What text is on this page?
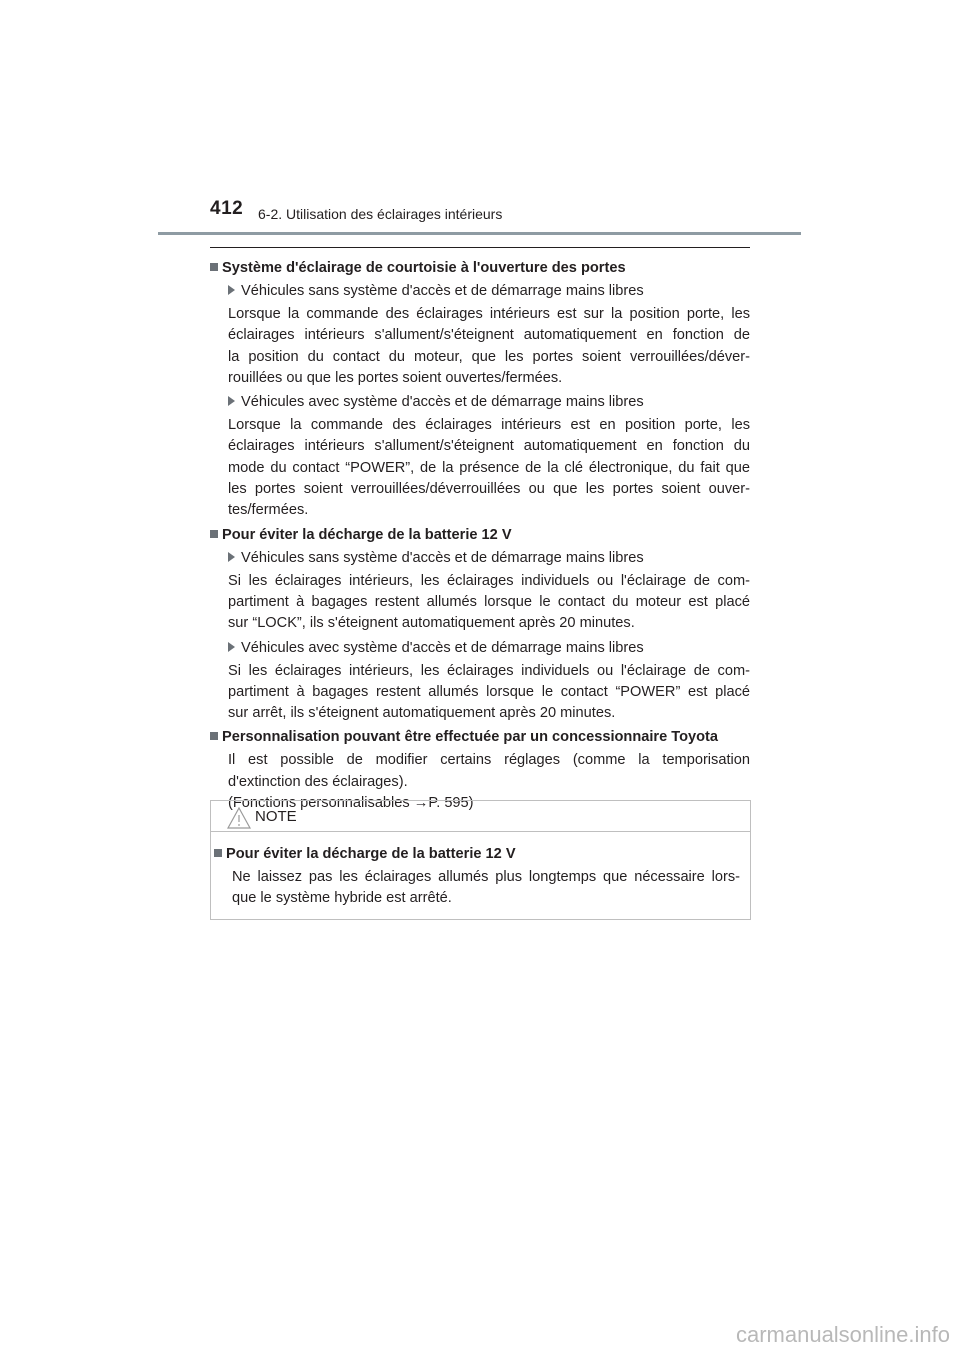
412 6-2. Utilisation des éclairages intérieurs
Système d'éclairage de courtoisie à l'ouverture des portes
Véhicules sans système d'accès et de démarrage mains libres
Lorsque la commande des éclairages intérieurs est sur la position porte, les
éclairages intérieurs s'allument/s'éteignent automatiquement en fonction de
la position du contact du moteur, que les portes soient verrouillées/déver-
rouillées ou que les portes soient ouvertes/fermées.
Véhicules avec système d'accès et de démarrage mains libres
Lorsque la commande des éclairages intérieurs est en position porte, les
éclairages intérieurs s'allument/s'éteignent automatiquement en fonction du
mode du contact “POWER”, de la présence de la clé électronique, du fait que
les portes soient verrouillées/déverrouillées ou que les portes soient ouver-
tes/fermées.
Pour éviter la décharge de la batterie 12 V
Véhicules sans système d'accès et de démarrage mains libres
Si les éclairages intérieurs, les éclairages individuels ou l'éclairage de com-
partiment à bagages restent allumés lorsque le contact du moteur est placé
sur “LOCK”, ils s'éteignent automatiquement après 20 minutes.
Véhicules avec système d'accès et de démarrage mains libres
Si les éclairages intérieurs, les éclairages individuels ou l'éclairage de com-
partiment à bagages restent allumés lorsque le contact “POWER” est placé
sur arrêt, ils s'éteignent automatiquement après 20 minutes.
Personnalisation pouvant être effectuée par un concessionnaire Toyota
Il est possible de modifier certains réglages (comme la temporisation
d'extinction des éclairages).
(Fonctions personnalisables →P. 595)
NOTE
Pour éviter la décharge de la batterie 12 V
Ne laissez pas les éclairages allumés plus longtemps que nécessaire lors-
que le système hybride est arrêté.
carmanualsonline.info
